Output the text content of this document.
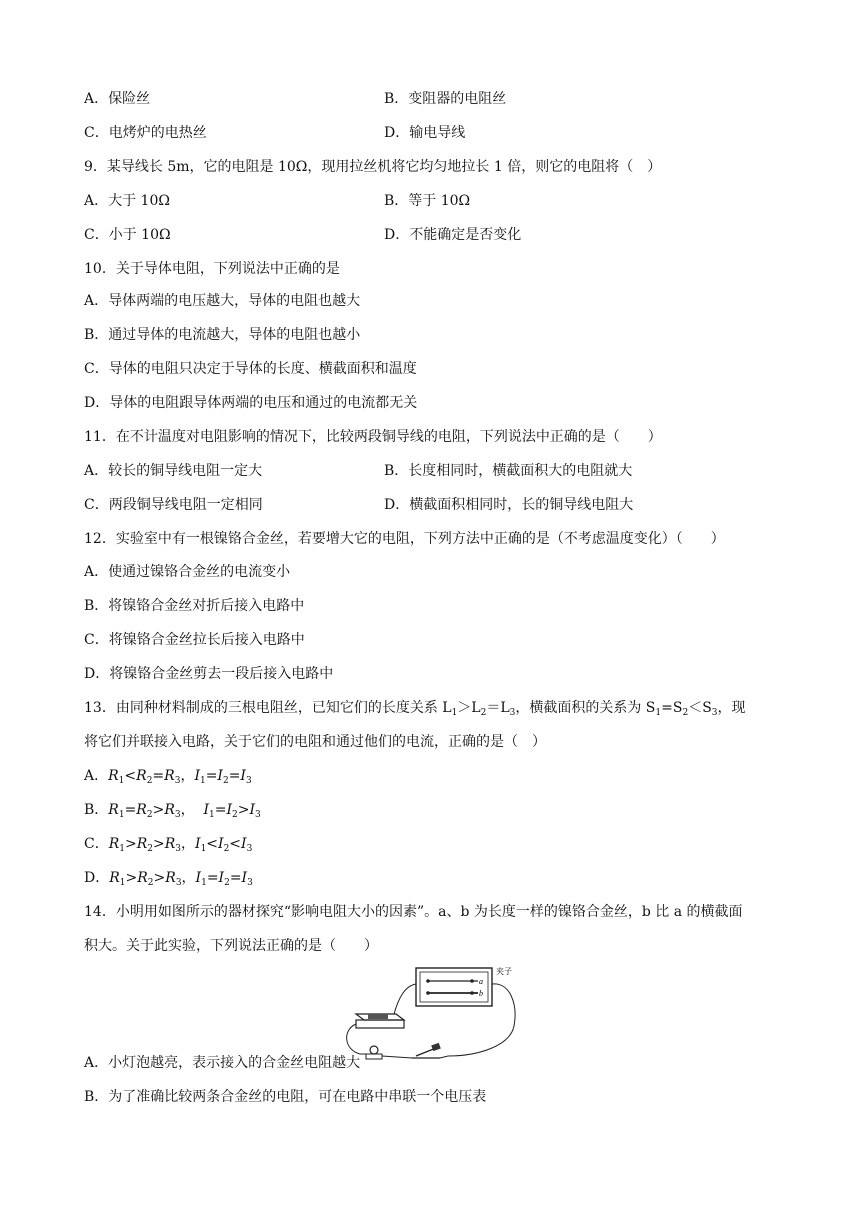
A．保险丝	B．变阻器的电阻丝
C．电烤炉的电热丝	D．输电导线
9．某导线长 5m，它的电阻是 10Ω，现用拉丝机将它均匀地拉长 1 倍，则它的电阻将（　）
A．大于 10Ω	B．等于 10Ω
C．小于 10Ω	D．不能确定是否变化
10．关于导体电阻，下列说法中正确的是
A．导体两端的电压越大，导体的电阻也越大
B．通过导体的电流越大，导体的电阻也越小
C．导体的电阻只决定于导体的长度、横截面积和温度
D．导体的电阻跟导体两端的电压和通过的电流都无关
11．在不计温度对电阻影响的情况下，比较两段铜导线的电阻，下列说法中正确的是（　　）
A．较长的铜导线电阻一定大	B．长度相同时，横截面积大的电阻就大
C．两段铜导线电阻一定相同	D．横截面积相同时，长的铜导线电阻大
12．实验室中有一根镍铬合金丝，若要增大它的电阻，下列方法中正确的是（不考虑温度变化）（　　）
A．使通过镍铬合金丝的电流变小
B．将镍铬合金丝对折后接入电路中
C．将镍铬合金丝拉长后接入电路中
D．将镍铬合金丝剪去一段后接入电路中
13．由同种材料制成的三根电阻丝，已知它们的长度关系 $L_1>L_2=L_3$，横截面积的关系为 $S_1=S_2<S_3$，现
将它们并联接入电路，关于它们的电阻和通过他们的电流，正确的是（　）
A．$R_1<R_2=R_3$，$I_1=I_2=I_3$
B．$R_1=R_2>R_3$，  $I_1=I_2>I_3$
C．$R_1>R_2>R_3$，$I_1<I_2<I_3$
D．$R_1>R_2>R_3$，$I_1=I_2=I_3$
14．小明用如图所示的器材探究“影响电阻大小的因素”。a、b 为长度一样的镍铬合金丝，b 比 a 的横截面
积大。关于此实验，下列说法正确的是（　　）
a
b
夹子
A．小灯泡越亮，表示接入的合金丝电阻越大
B．为了准确比较两条合金丝的电阻，可在电路中串联一个电压表
